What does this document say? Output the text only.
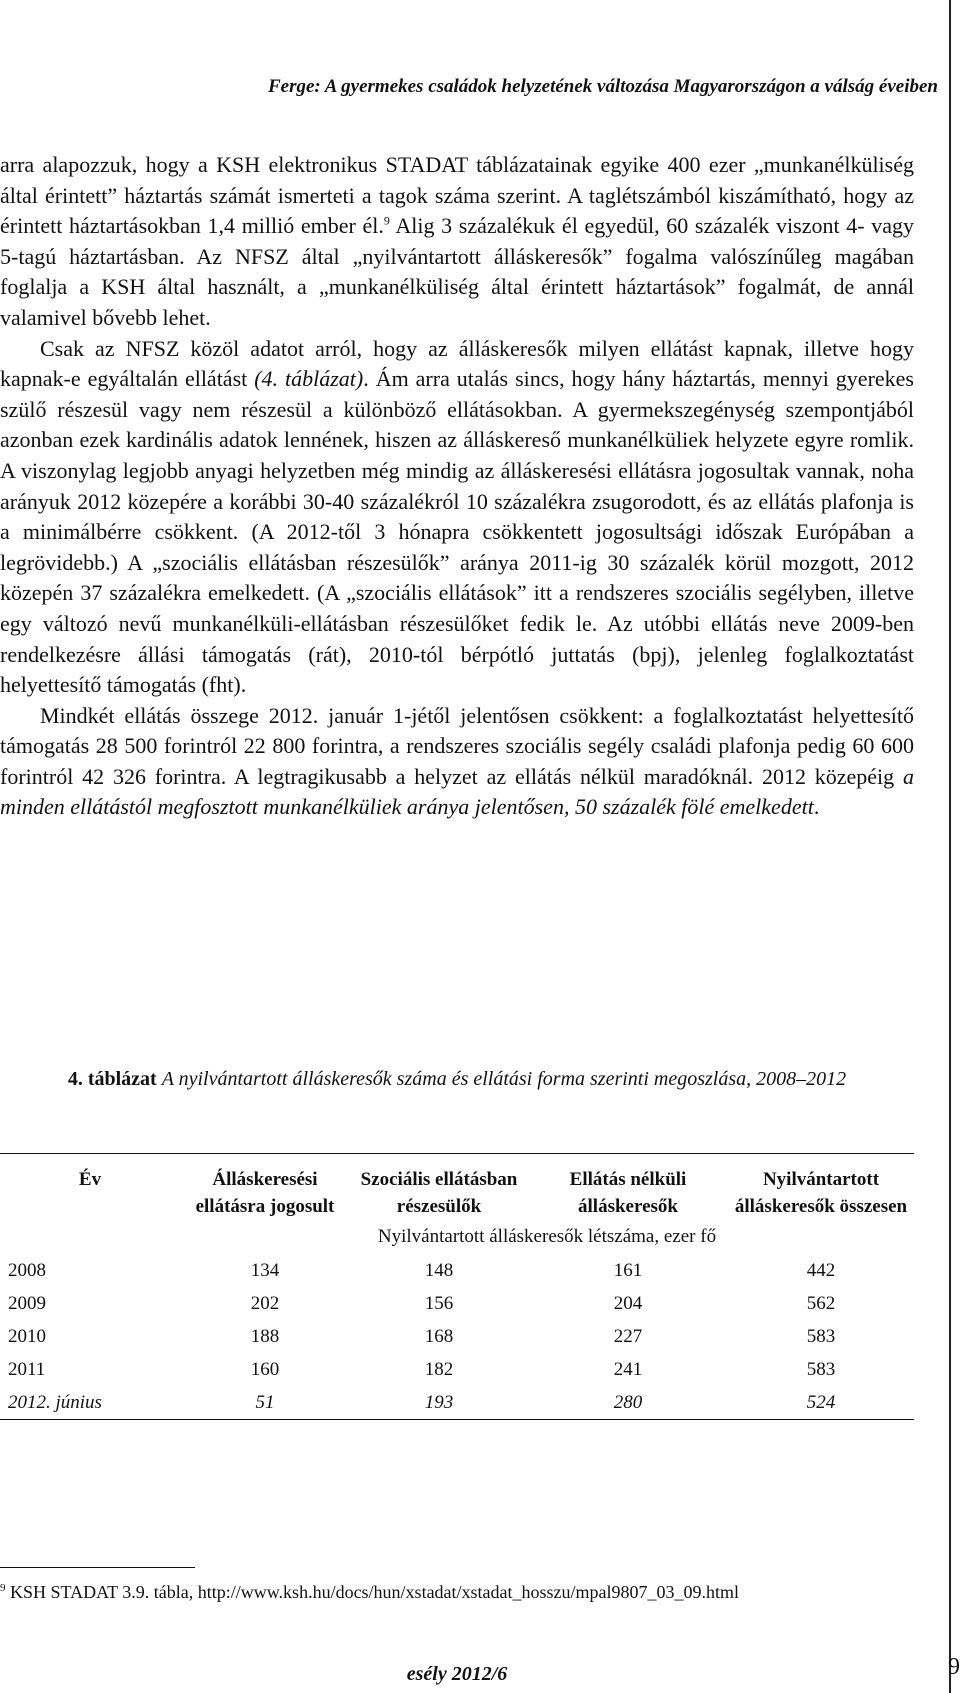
Ferge: A gyermekes családok helyzetének változása Magyarországon a válság éveiben

arra alapozzuk, hogy a KSH elektronikus STADAT táblázatainak egyike 400 ezer „munkanélküliség által érintett” háztartás számát ismerteti a tagok száma szerint. A taglétszámból kiszámítható, hogy az érintett háztartásokban 1,4 millió ember él.$^9$ Alig 3 százalékuk él egyedül, 60 százalék viszont 4- vagy 5-tagú háztartásban. Az NFSZ által „nyilvántartott álláskeresők” fogalma valószínűleg magában foglalja a KSH által használt, a „munkanélküliség által érintett háztartások” fogalmát, de annál valamivel bővebb lehet.

Csak az NFSZ közöl adatot arról, hogy az álláskeresők milyen ellátást kapnak, illetve hogy kapnak-e egyáltalán ellátást (4. táblázat). Ám arra utalás sincs, hogy hány háztartás, mennyi gyerekes szülő részesül vagy nem részesül a különböző ellátásokban. A gyermekszegénység szempontjából azonban ezek kardinális adatok lennének, hiszen az álláskereső munkanélküliek helyzete egyre romlik. A viszonylag legjobb anyagi helyzetben még mindig az álláskeresési ellátásra jogosultak vannak, noha arányuk 2012 közepére a korábbi 30-40 százalékról 10 százalékra zsugorodott, és az ellátás plafonja is a minimálbérre csökkent. (A 2012-től 3 hónapra csökkentett jogosultsági időszak Európában a legrövidebb.) A „szociális ellátásban részesülők” aránya 2011-ig 30 százalék körül mozgott, 2012 közepén 37 százalékra emelkedett. (A „szociális ellátások” itt a rendszeres szociális segélyben, illetve egy változó nevű munkanélküli-ellátásban részesülőket fedik le. Az utóbbi ellátás neve 2009-ben rendelkezésre állási támogatás (rát), 2010-tól bérpótló juttatás (bpj), jelenleg foglalkoztatást helyettesítő támogatás (fht).

Mindkét ellátás összege 2012. január 1-jétől jelentősen csökkent: a foglalkoztatást helyettesítő támogatás 28 500 forintról 22 800 forintra, a rendszeres szociális segély családi plafonja pedig 60 600 forintról 42 326 forintra. A legtragikusabb a helyzet az ellátás nélkül maradóknál. 2012 közepéig a minden ellátástól megfosztott munkanélküliek aránya jelentősen, 50 százalék fölé emelkedett.

4. táblázat A nyilvántartott álláskeresők száma és ellátási forma szerinti megoszlása, 2008–2012
Év	Álláskeresési ellátásra jogosult	Szociális ellátásban részesülők	Ellátás nélküli álláskeresők	Nyilvántartott álláskeresők összesen
	Nyilvántartott álláskeresők létszáma, ezer fő			
2008	134	148	161	442
2009	202	156	204	562
2010	188	168	227	583
2011	160	182	241	583
2012. június	51	193	280	524
$^9$ KSH STADAT 3.9. tábla, http://www.ksh.hu/docs/hun/xstadat/xstadat_hosszu/mpal9807_03_09.html
esély 2012/6	9
